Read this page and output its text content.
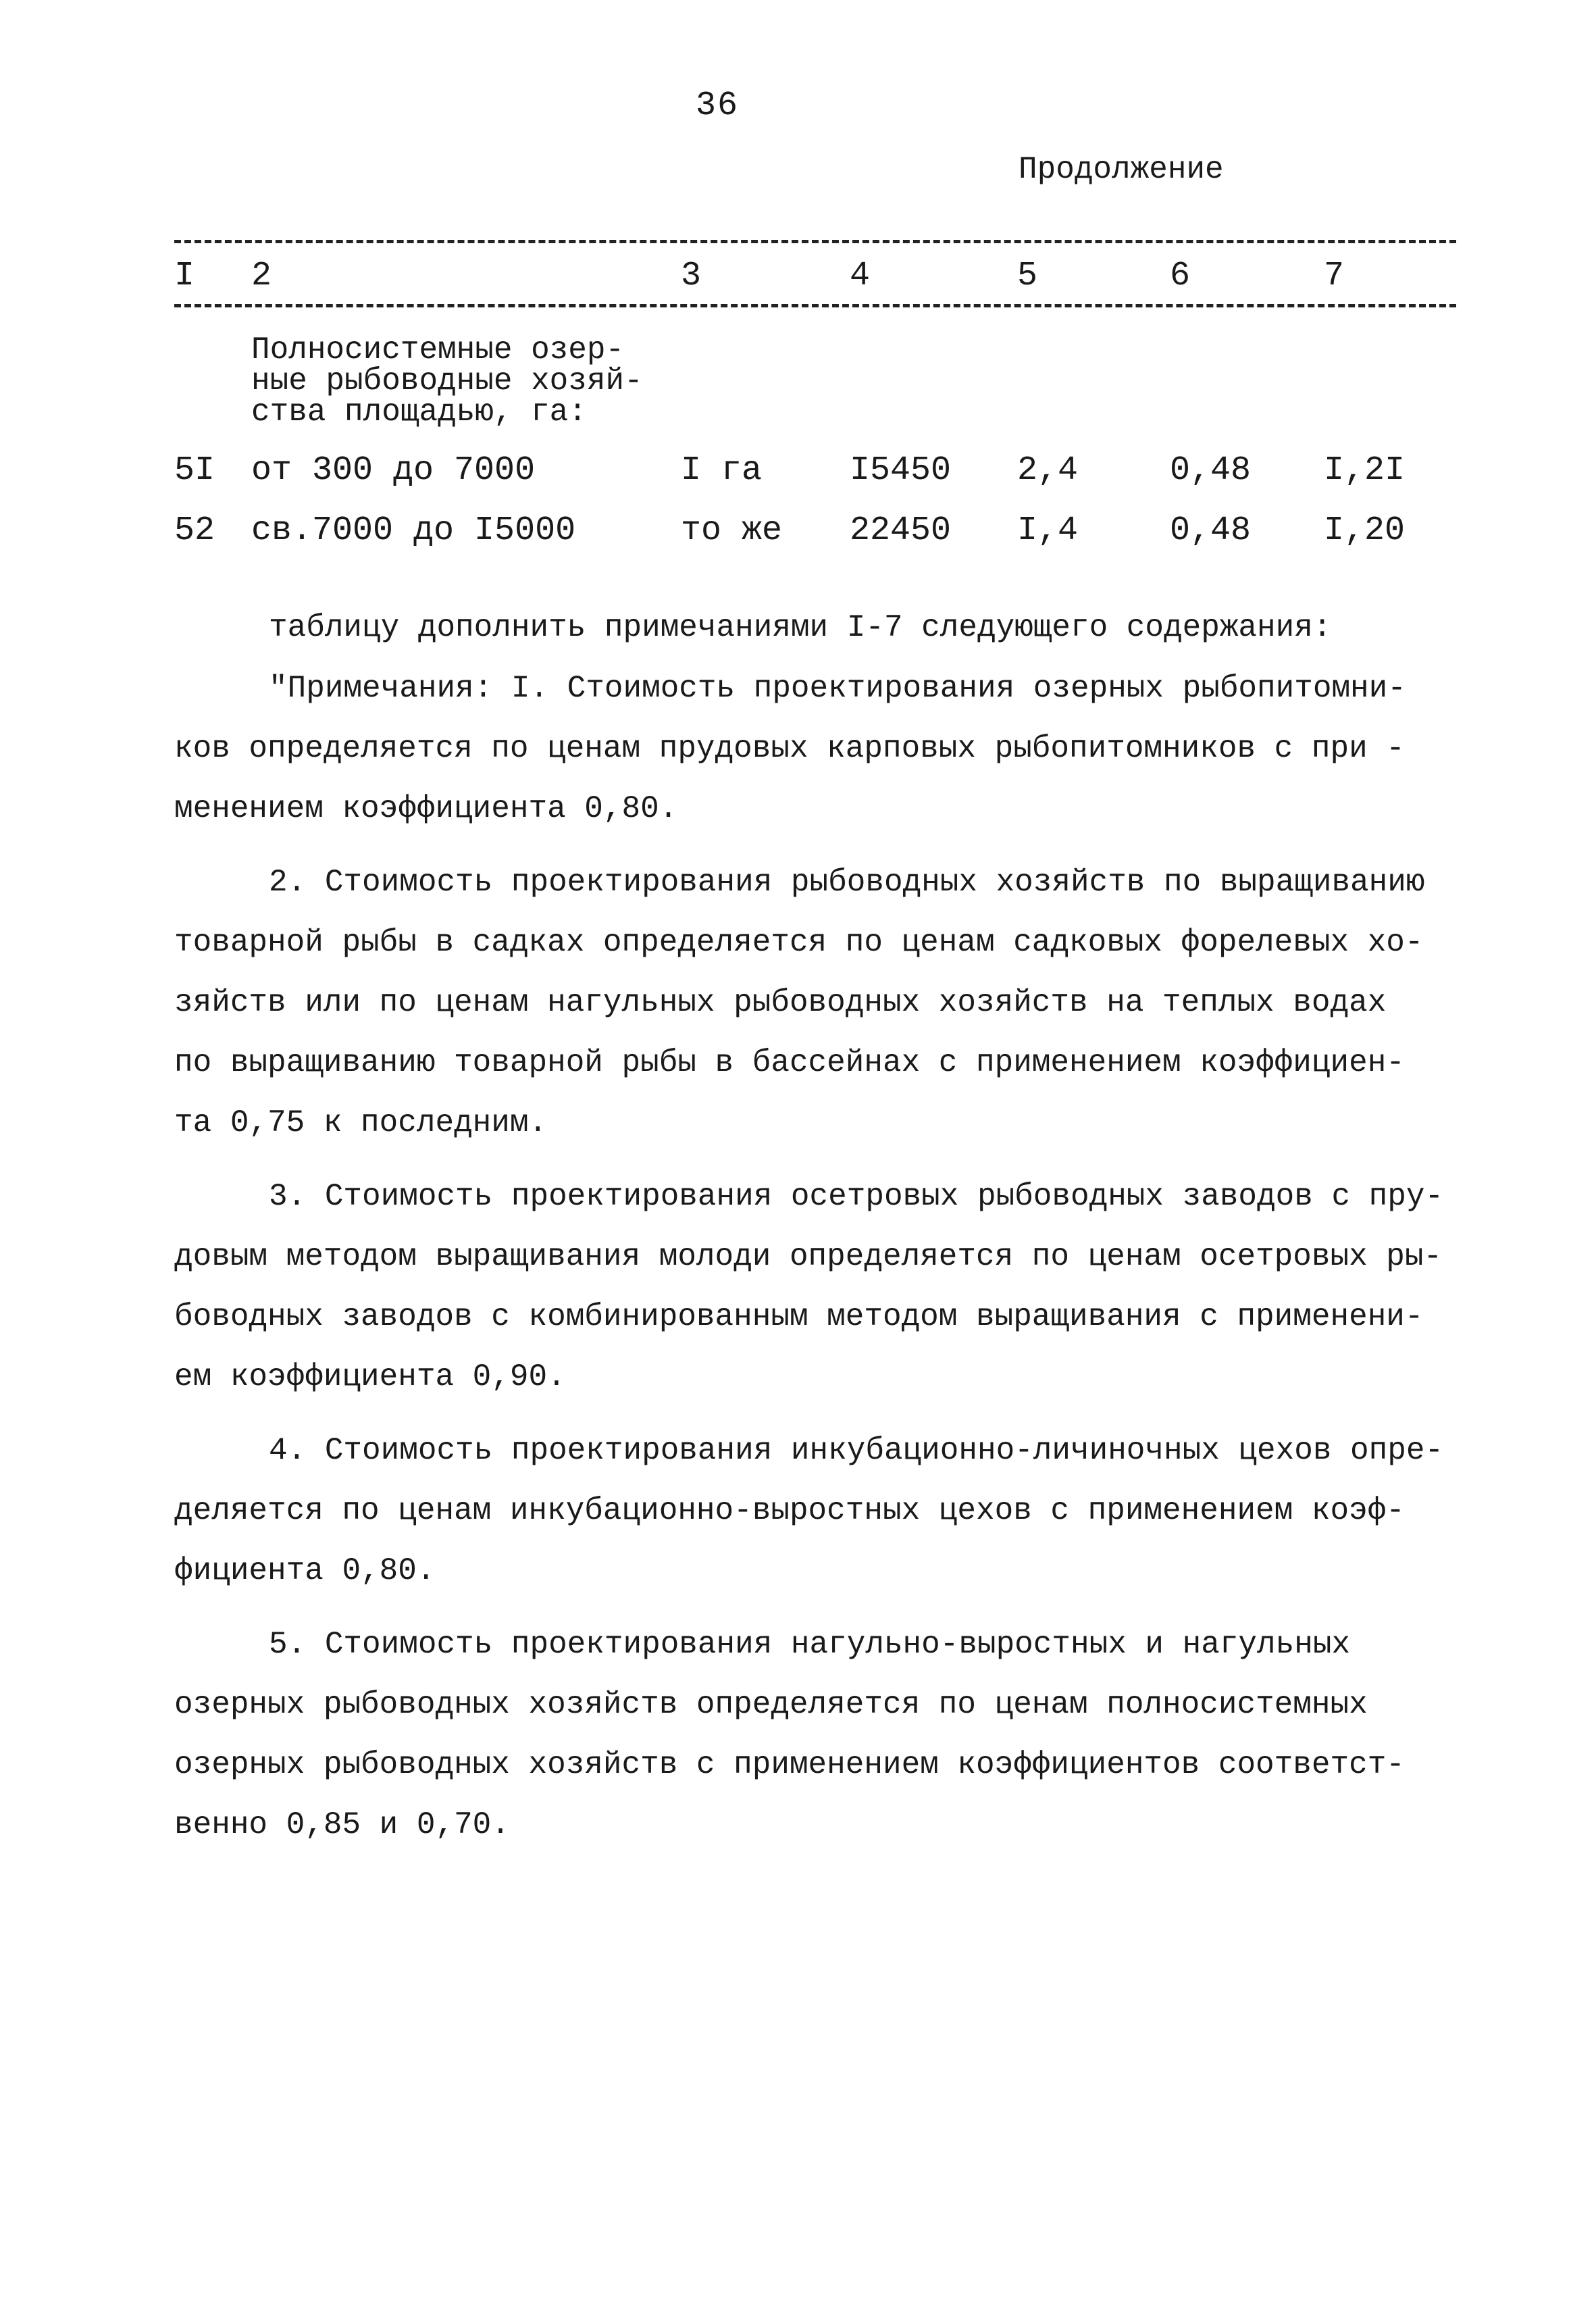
36
Продолжение
I 2	3	4	5	6	7
Полносистемные озер-
ные рыбоводные хозяй-
ства площадью, га:
5I от 300 до 7000	I га	I5450 2,4	0,48 I,2I
52 св.7000 до I5000	то же 22450 I,4	0,48 I,20
таблицу дополнить примечаниями I-7 следующего содержания:
"Примечания: I. Стоимость проектирования озерных рыбопитомни-
ков определяется по ценам прудовых карповых рыбопитомников с при -
менением коэффициента 0,80.
2. Стоимость проектирования рыбоводных хозяйств по выращиванию
товарной рыбы в садках определяется по ценам садковых форелевых хо-
зяйств или по ценам нагульных рыбоводных хозяйств на теплых водах
по выращиванию товарной рыбы в бассейнах с применением коэффициен-
та 0,75 к последним.
3. Стоимость проектирования осетровых рыбоводных заводов с пру-
довым методом выращивания молоди определяется по ценам осетровых ры-
боводных заводов с комбинированным методом выращивания с применени-
ем коэффициента 0,90.
4. Стоимость проектирования инкубационно-личиночных цехов опре-
деляется по ценам инкубационно-выростных цехов с применением коэф-
фициента 0,80.
5. Стоимость проектирования нагульно-выростных и нагульных
озерных рыбоводных хозяйств определяется по ценам полносистемных
озерных рыбоводных хозяйств с применением коэффициентов соответст-
венно 0,85 и 0,70.
